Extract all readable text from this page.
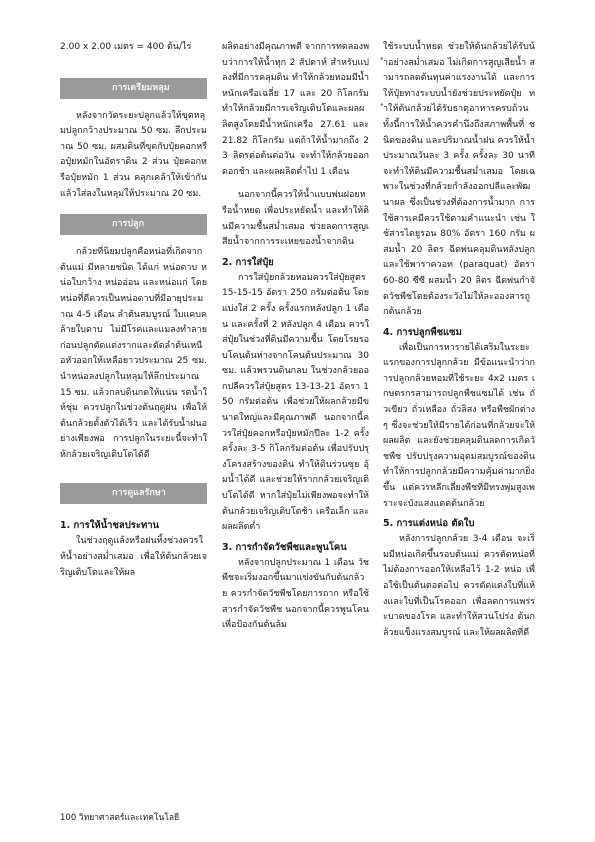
2.00 x 2.00 เมตร = 400 ต้น/ไร่

การเตรียมหลุม

หลังจากวัดระยะปลูกแล้วให้ขุดหลุมปลูกกว้างประมาณ 50 ซม. ลึกประมาณ 50 ซม. ผสมดินที่ขุดกับปุ๋ยคอกหรือปุ๋ยหมักในอัตราดิน 2 ส่วน ปุ๋ยคอกหรือปุ๋ยหมัก 1 ส่วน คลุกเคล้าให้เข้ากันแล้วใส่ลงในหลุมให้ประมาณ 20 ซม.

การปลูก

กล้วยที่นิยมปลูกคือหน่อที่เกิดจากต้นแม่ มีหลายชนิด ได้แก่ หน่อดาบ หน่อใบกว้าง หน่ออ่อน และหน่อแก่ โดยหน่อที่ดีควรเป็นหน่อดาบที่มีอายุประมาณ 4-5 เดือน ลำต้นสมบูรณ์ ใบแคบคล้ายใบดาบ ไม่มีโรคและแมลงทำลาย ก่อนปลูกตัดแต่งรากและตัดลำต้นเหนือหัวออกให้เหลือยาวประมาณ 25 ซม. นำหน่อลงปลูกในหลุมให้ลึกประมาณ 15 ซม. แล้วกลบดินกดให้แน่น รดน้ำให้ชุ่ม ควรปลูกในช่วงต้นฤดูฝน เพื่อให้ต้นกล้วยตั้งตัวได้เร็ว และได้รับน้ำฝนอย่างเพียงพอ การปลูกในระยะนี้จะทำให้กล้วยเจริญเติบโตได้ดี

การดูแลรักษา

1. การให้น้ำชลประทาน

ในช่วงฤดูแล้งหรือฝนทิ้งช่วงควรให้น้ำอย่างสม่ำเสมอ เพื่อให้ต้นกล้วยเจริญเติบโตและให้ผล

ผลิตอย่างมีคุณภาพดี จากการทดลองพบว่าการให้น้ำทุก 2 สัปดาห์ สำหรับแปลงที่มีการคลุมดิน ทำให้กล้วยหอมมีน้ำหนักเครือเฉลี่ย 17 และ 20 กิโลกรัม ทำให้กล้วยมีการเจริญเติบโตและผลผลิตสูงโดยมีน้ำหนักเครือ 27.61 และ 21.82 กิโลกรัม แต่ถ้าให้น้ำมากถึง 23 ลิตรต่อต้นต่อวัน จะทำให้กล้วยออกดอกช้า และผลผลิตต่ำไป 1 เดือน

นอกจากนี้ควรให้น้ำแบบพ่นฝอยหรือน้ำหยด เพื่อประหยัดน้ำ และทำให้ดินมีความชื้นสม่ำเสมอ ช่วยลดการสูญเสียน้ำจากการระเหยของน้ำจากดิน

2. การใส่ปุ๋ย

การใส่ปุ๋ยกล้วยหอมควรใส่ปุ๋ยสูตร 15-15-15 อัตรา 250 กรัมต่อต้น โดยแบ่งใส่ 2 ครั้ง ครั้งแรกหลังปลูก 1 เดือน และครั้งที่ 2 หลังปลูก 4 เดือน ควรใส่ปุ๋ยในช่วงที่ดินมีความชื้น โดยโรยรอบโคนต้นห่างจากโคนต้นประมาณ 30 ซม. แล้วพรวนดินกลบ ในช่วงกล้วยออกปลีควรใส่ปุ๋ยสูตร 13-13-21 อัตรา 150 กรัมต่อต้น เพื่อช่วยให้ผลกล้วยมีขนาดใหญ่และมีคุณภาพดี นอกจากนี้ควรใส่ปุ๋ยคอกหรือปุ๋ยหมักปีละ 1-2 ครั้ง ครั้งละ 3-5 กิโลกรัมต่อต้น เพื่อปรับปรุงโครงสร้างของดิน ทำให้ดินร่วนซุย อุ้มน้ำได้ดี และช่วยให้รากกล้วยเจริญเติบโตได้ดี หากใส่ปุ๋ยไม่เพียงพอจะทำให้ต้นกล้วยเจริญเติบโตช้า เครือเล็ก และผลผลิตต่ำ

3. การกำจัดวัชพืชและพูนโคน

หลังจากปลูกประมาณ 1 เดือน วัชพืชจะเริ่มงอกขึ้นมาแข่งขันกับต้นกล้วย ควรกำจัดวัชพืชโดยการถาก หรือใช้สารกำจัดวัชพืช นอกจากนี้ควรพูนโคนเพื่อป้องกันต้นล้ม

ใช้ระบบน้ำหยด ช่วยให้ต้นกล้วยได้รับน้ำอย่างสม่ำเสมอ ไม่เกิดการสูญเสียน้ำ สามารถลดต้นทุนค่าแรงงานได้ และการให้ปุ๋ยทางระบบน้ำยังช่วยประหยัดปุ๋ย ทำให้ต้นกล้วยได้รับธาตุอาหารครบถ้วน ทั้งนี้การให้น้ำควรคำนึงถึงสภาพพื้นที่ ชนิดของดิน และปริมาณน้ำฝน ควรให้น้ำประมาณวันละ 3 ครั้ง ครั้งละ 30 นาที จะทำให้ดินมีความชื้นสม่ำเสมอ โดยเฉพาะในช่วงที่กล้วยกำลังออกปลีและพัฒนาผล ซึ่งเป็นช่วงที่ต้องการน้ำมาก การใช้สารเคมีควรใช้ตามคำแนะนำ เช่น ใช้สารไดยูรอน 80% อัตรา 160 กรัม ผสมน้ำ 20 ลิตร ฉีดพ่นคลุมดินหลังปลูก และใช้พาราควอท (paraquat) อัตรา 60-80 ซีซี ผสมน้ำ 20 ลิตร ฉีดพ่นกำจัดวัชพืชโดยต้องระวังไม่ให้ละอองสารถูกต้นกล้วย

4. การปลูกพืชแซม

เพื่อเป็นการหารายได้เสริมในระยะแรกของการปลูกกล้วย มีข้อแนะนำว่าการปลูกกล้วยหอมที่ใช้ระยะ 4x2 เมตร เกษตรกรสามารถปลูกพืชแซมได้ เช่น ถั่วเขียว ถั่วเหลือง ถั่วลิสง หรือพืชผักต่างๆ ซึ่งจะช่วยให้มีรายได้ก่อนที่กล้วยจะให้ผลผลิต และยังช่วยคลุมดินลดการเกิดวัชพืช ปรับปรุงความอุดมสมบูรณ์ของดิน ทำให้การปลูกกล้วยมีความคุ้มค่ามากยิ่งขึ้น แต่ควรหลีกเลี่ยงพืชที่มีทรงพุ่มสูงเพราะจะบังแสงแดดต้นกล้วย

5. การแต่งหน่อ ตัดใบ

หลังการปลูกกล้วย 3-4 เดือน จะเริ่มมีหน่อเกิดขึ้นรอบต้นแม่ ควรตัดหน่อที่ไม่ต้องการออกให้เหลือไว้ 1-2 หน่อ เพื่อใช้เป็นต้นตอต่อไป ควรตัดแต่งใบที่แห้งและใบที่เป็นโรคออก เพื่อลดการแพร่ระบาดของโรค และทำให้สวนโปร่ง ต้นกล้วยแข็งแรงสมบูรณ์ และให้ผลผลิตที่ดี

100 วิทยาศาสตร์และเทคโนโลยี
